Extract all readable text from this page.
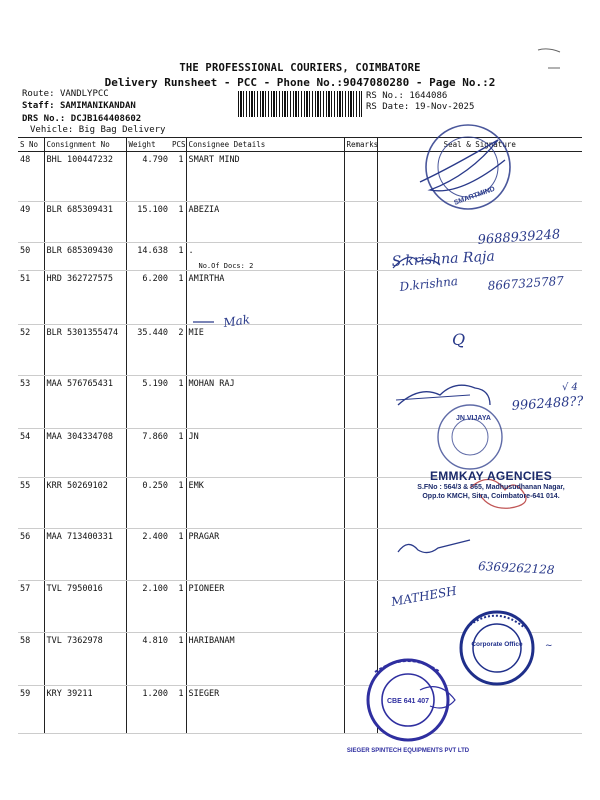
THE PROFESSIONAL COURIERS, COIMBATORE
Delivery Runsheet - PCC - Phone No.:9047080280 - Page No.:2
Route: VANDLYPCC
Staff: SAMIMANIKANDAN
DRS No.: DCJB164408602
Vehicle: Big Bag Delivery
RS No.: 1644086
RS Date: 19-Nov-2025
S No	Consignment No	Weight	PCS	Consignee Details	Remarks	Seal & Signature
48	BHL 100447232	4.790	1	SMART MIND		
49	BLR 685309431	15.100	1	ABEZIA		
50	BLR 685309430	14.638	1	.
No.Of Docs: 2		

51	HRD 362727575	6.200	1	AMIRTHA		
52	BLR 5301355474	35.440	2	MIE		
53	MAA 576765431	5.190	1	MOHAN RAJ		
54	MAA 304334708	7.860	1	JN		
55	KRR 50269102	0.250	1	EMK		
56	MAA 713400331	2.400	1	PRAGAR		
57	TVL 7950016	2.100	1	PIONEER		
58	TVL 7362978	4.810	1	HARIBANAM		
59	KRY 39211	1.200	1	SIEGER		
SMARTMIND
9688939248
S.krishna Raja
D.krishna 8667325787
Mak
Q
9962488??
√ 4
JN VIJAYA
6369262128
MATHESH
Corporate Office ~
CBE 641 407
SIEGER SPINTECH EQUIPMENTS PVT LTD
EMMKAY AGENCIES
S.FNo : 564/3 & 565, Madhusudhanan Nagar,
Opp.to KMCH, Sitra, Coimbatore-641 014.
